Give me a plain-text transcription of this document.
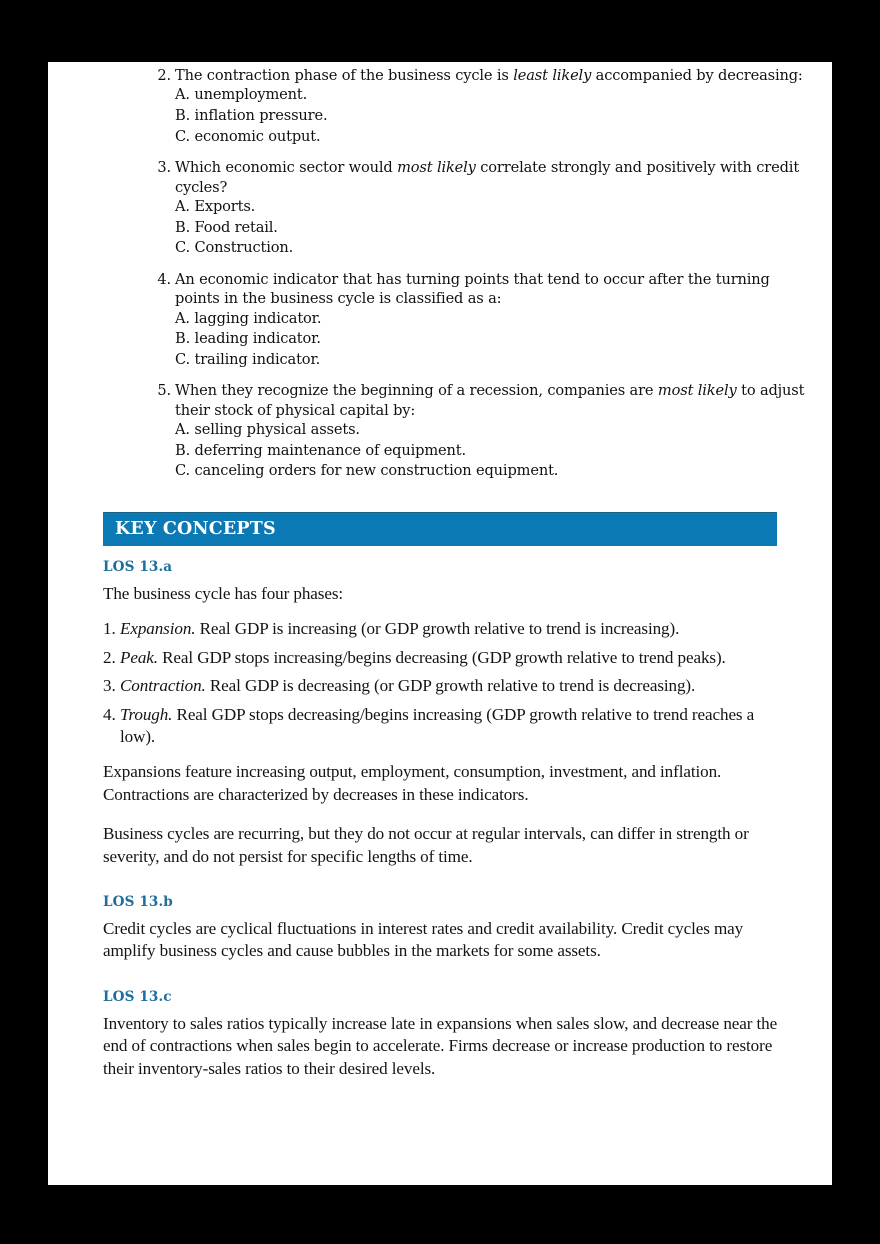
2. The contraction phase of the business cycle is least likely accompanied by decreasing:
A. unemployment.
B. inflation pressure.
C. economic output.
3. Which economic sector would most likely correlate strongly and positively with credit cycles?
A. Exports.
B. Food retail.
C. Construction.
4. An economic indicator that has turning points that tend to occur after the turning points in the business cycle is classified as a:
A. lagging indicator.
B. leading indicator.
C. trailing indicator.
5. When they recognize the beginning of a recession, companies are most likely to adjust their stock of physical capital by:
A. selling physical assets.
B. deferring maintenance of equipment.
C. canceling orders for new construction equipment.
KEY CONCEPTS

LOS 13.a

The business cycle has four phases:

1. Expansion. Real GDP is increasing (or GDP growth relative to trend is increasing).
2. Peak. Real GDP stops increasing/begins decreasing (GDP growth relative to trend peaks).
3. Contraction. Real GDP is decreasing (or GDP growth relative to trend is decreasing).
4. Trough. Real GDP stops decreasing/begins increasing (GDP growth relative to trend reaches a low).

Expansions feature increasing output, employment, consumption, investment, and inflation. Contractions are characterized by decreases in these indicators.

Business cycles are recurring, but they do not occur at regular intervals, can differ in strength or severity, and do not persist for specific lengths of time.

LOS 13.b

Credit cycles are cyclical fluctuations in interest rates and credit availability. Credit cycles may amplify business cycles and cause bubbles in the markets for some assets.

LOS 13.c

Inventory to sales ratios typically increase late in expansions when sales slow, and decrease near the end of contractions when sales begin to accelerate. Firms decrease or increase production to restore their inventory-sales ratios to their desired levels.
